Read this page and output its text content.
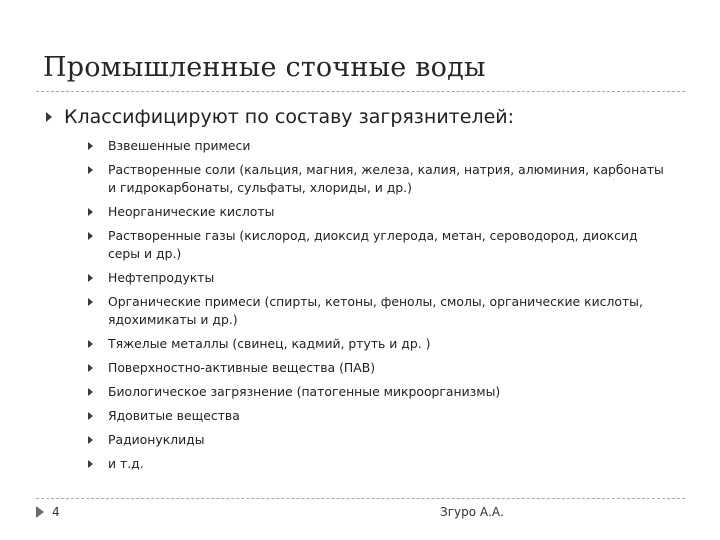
Промышленные сточные воды
Классифицируют по составу загрязнителей:
Взвешенные примеси
Растворенные соли (кальция, магния, железа, калия, натрия, алюминия, карбонаты и гидрокарбонаты, сульфаты, хлориды, и др.)
Неорганические кислоты
Растворенные газы (кислород, диоксид углерода, метан, сероводород, диоксид серы и др.)
Нефтепродукты
Органические примеси (спирты, кетоны, фенолы, смолы, органические кислоты, ядохимикаты и др.)
Тяжелые металлы (свинец, кадмий, ртуть и др. )
Поверхностно-активные вещества (ПАВ)
Биологическое загрязнение (патогенные микроорганизмы)
Ядовитые вещества
Радионуклиды
и т.д.
4	Згуро А.А.
